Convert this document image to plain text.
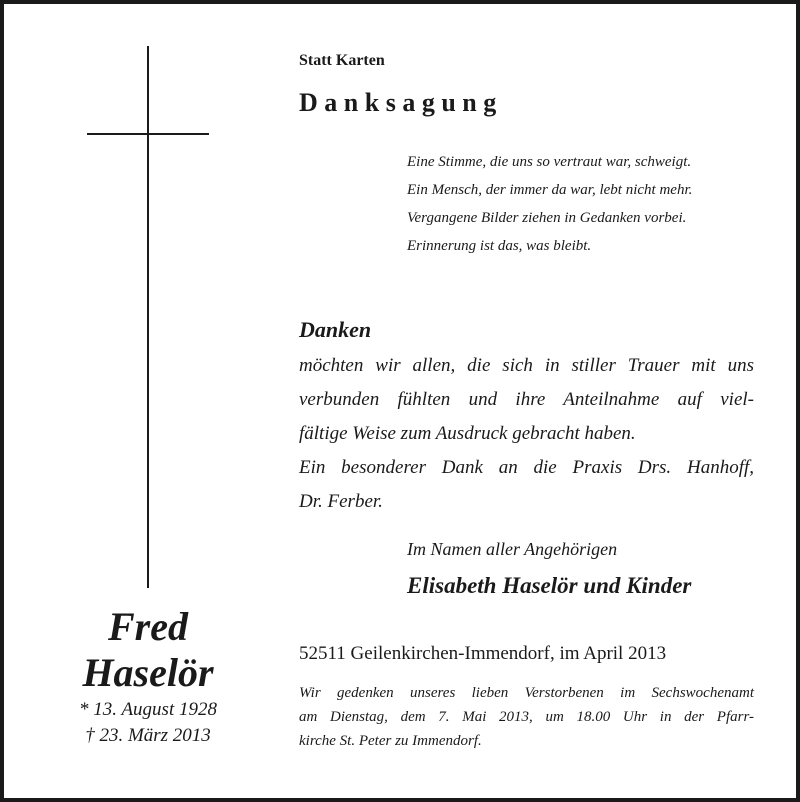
Statt Karten
Danksagung
Eine Stimme, die uns so vertraut war, schweigt.
Ein Mensch, der immer da war, lebt nicht mehr.
Vergangene Bilder ziehen in Gedanken vorbei.
Erinnerung ist das, was bleibt.
Danken
möchten wir allen, die sich in stiller Trauer mit uns
verbunden fühlten und ihre Anteilnahme auf viel-
fältige Weise zum Ausdruck gebracht haben.
Ein besonderer Dank an die Praxis Drs. Hanhoff,
Dr. Ferber.
Im Namen aller Angehörigen
Elisabeth Haselör und Kinder
52511 Geilenkirchen-Immendorf, im April 2013
Wir gedenken unseres lieben Verstorbenen im Sechswochenamt
am Dienstag, dem 7. Mai 2013, um 18.00 Uhr in der Pfarr-
kirche St. Peter zu Immendorf.
Fred
Haselör
* 13. August 1928
† 23. März 2013
